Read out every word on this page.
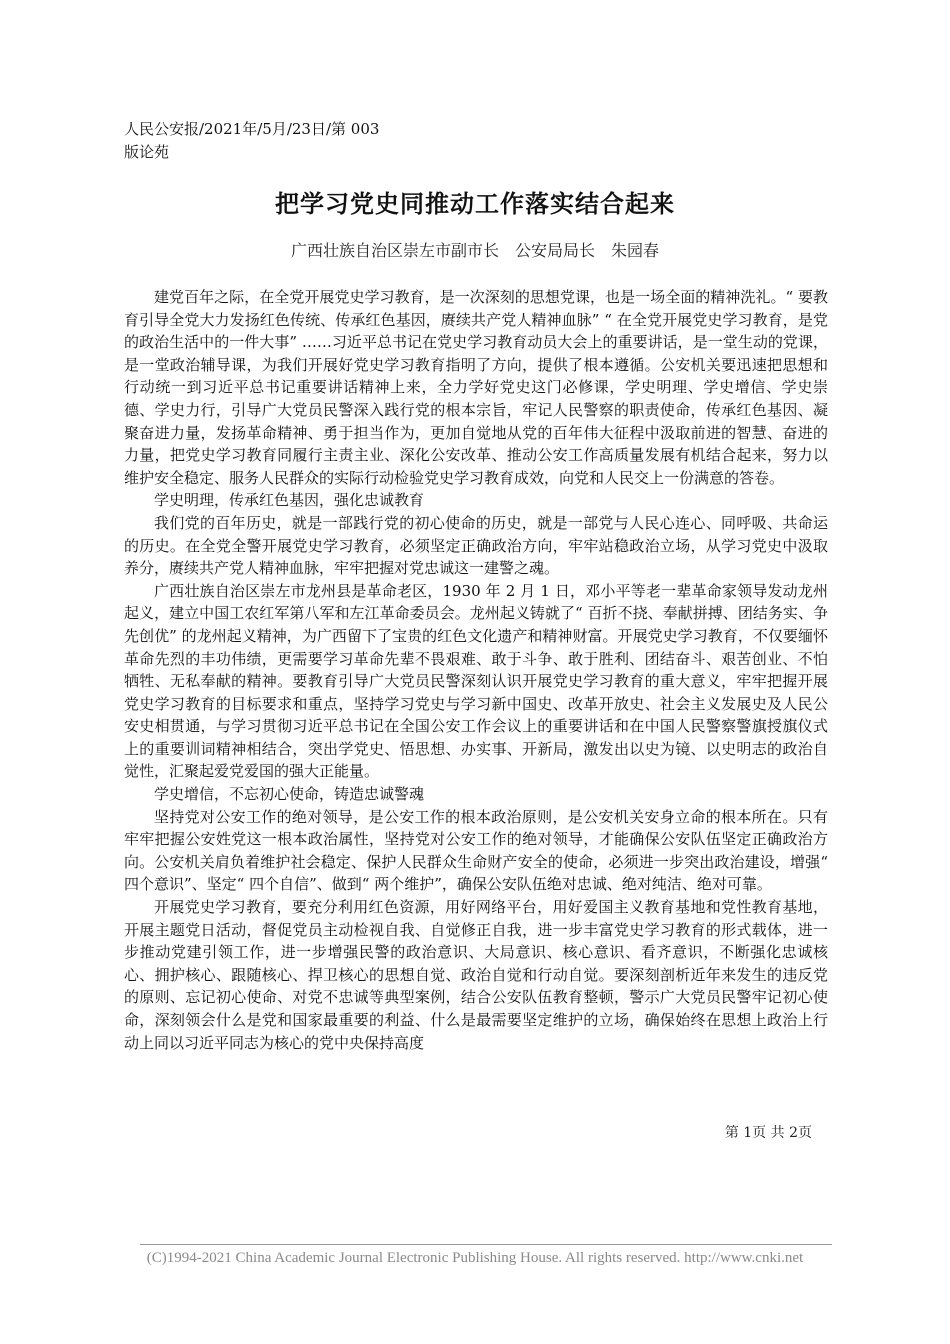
人民公安报/2021年/5月/23日/第 003
版论苑
把学习党史同推动工作落实结合起来
广西壮族自治区崇左市副市长　公安局局长　朱园春

建党百年之际，在全党开展党史学习教育，是一次深刻的思想党课，也是一场全面的精神洗礼。“ 要教育引导全党大力发扬红色传统、传承红色基因，赓续共产党人精神血脉” “ 在全党开展党史学习教育，是党的政治生活中的一件大事” ……习近平总书记在党史学习教育动员大会上的重要讲话，是一堂生动的党课，是一堂政治辅导课，为我们开展好党史学习教育指明了方向，提供了根本遵循。公安机关要迅速把思想和行动统一到习近平总书记重要讲话精神上来，全力学好党史这门必修课，学史明理、学史增信、学史崇德、学史力行，引导广大党员民警深入践行党的根本宗旨，牢记人民警察的职责使命，传承红色基因、凝聚奋进力量，发扬革命精神、勇于担当作为，更加自觉地从党的百年伟大征程中汲取前进的智慧、奋进的力量，把党史学习教育同履行主责主业、深化公安改革、推动公安工作高质量发展有机结合起来，努力以维护安全稳定、服务人民群众的实际行动检验党史学习教育成效，向党和人民交上一份满意的答卷。

学史明理，传承红色基因，强化忠诚教育

我们党的百年历史，就是一部践行党的初心使命的历史，就是一部党与人民心连心、同呼吸、共命运的历史。在全党全警开展党史学习教育，必须坚定正确政治方向，牢牢站稳政治立场，从学习党史中汲取养分，赓续共产党人精神血脉，牢牢把握对党忠诚这一建警之魂。

广西壮族自治区崇左市龙州县是革命老区，1930 年 2 月 1 日，邓小平等老一辈革命家领导发动龙州起义，建立中国工农红军第八军和左江革命委员会。龙州起义铸就了“ 百折不挠、奉献拼搏、团结务实、争先创优” 的龙州起义精神，为广西留下了宝贵的红色文化遗产和精神财富。开展党史学习教育，不仅要缅怀革命先烈的丰功伟绩，更需要学习革命先辈不畏艰难、敢于斗争、敢于胜利、团结奋斗、艰苦创业、不怕牺牲、无私奉献的精神。要教育引导广大党员民警深刻认识开展党史学习教育的重大意义，牢牢把握开展党史学习教育的目标要求和重点，坚持学习党史与学习新中国史、改革开放史、社会主义发展史及人民公安史相贯通，与学习贯彻习近平总书记在全国公安工作会议上的重要讲话和在中国人民警察警旗授旗仪式上的重要训词精神相结合，突出学党史、悟思想、办实事、开新局，激发出以史为镜、以史明志的政治自觉性，汇聚起爱党爱国的强大正能量。

学史增信，不忘初心使命，铸造忠诚警魂

坚持党对公安工作的绝对领导，是公安工作的根本政治原则，是公安机关安身立命的根本所在。只有牢牢把握公安姓党这一根本政治属性，坚持党对公安工作的绝对领导，才能确保公安队伍坚定正确政治方向。公安机关肩负着维护社会稳定、保护人民群众生命财产安全的使命，必须进一步突出政治建设，增强“ 四个意识”、坚定“ 四个自信”、做到“ 两个维护”，确保公安队伍绝对忠诚、绝对纯洁、绝对可靠。

开展党史学习教育，要充分利用红色资源，用好网络平台，用好爱国主义教育基地和党性教育基地，开展主题党日活动，督促党员主动检视自我、自觉修正自我，进一步丰富党史学习教育的形式载体，进一步推动党建引领工作，进一步增强民警的政治意识、大局意识、核心意识、看齐意识，不断强化忠诚核心、拥护核心、跟随核心、捍卫核心的思想自觉、政治自觉和行动自觉。要深刻剖析近年来发生的违反党的原则、忘记初心使命、对党不忠诚等典型案例，结合公安队伍教育整顿，警示广大党员民警牢记初心使命，深刻领会什么是党和国家最重要的利益、什么是最需要坚定维护的立场，确保始终在思想上政治上行动上同以习近平同志为核心的党中央保持高度

第 1页 共 2页
(C)1994-2021 China Academic Journal Electronic Publishing House. All rights reserved. http://www.cnki.net
